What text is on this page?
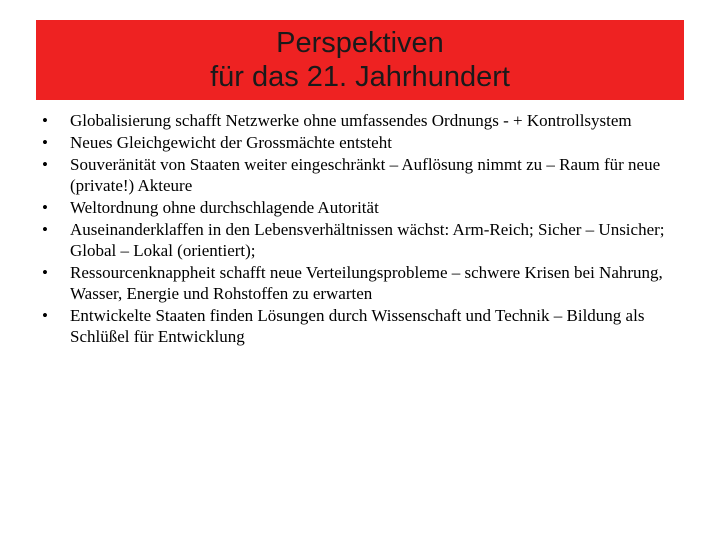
Perspektiven
für das 21. Jahrhundert
• Globalisierung schafft Netzwerke ohne umfassendes Ordnungs - + Kontrollsystem
• Neues Gleichgewicht der Grossmächte entsteht
• Souveränität von Staaten weiter eingeschränkt – Auflösung nimmt zu – Raum für neue (private!) Akteure
• Weltordnung ohne durchschlagende Autorität
• Auseinanderklaffen in den Lebensverhältnissen wächst: Arm-Reich; Sicher – Unsicher; Global – Lokal (orientiert);
• Ressourcenknappheit schafft neue Verteilungsprobleme – schwere Krisen bei Nahrung, Wasser, Energie und Rohstoffen zu erwarten
• Entwickelte Staaten finden Lösungen durch Wissenschaft und Technik – Bildung als Schlüßel für Entwicklung
